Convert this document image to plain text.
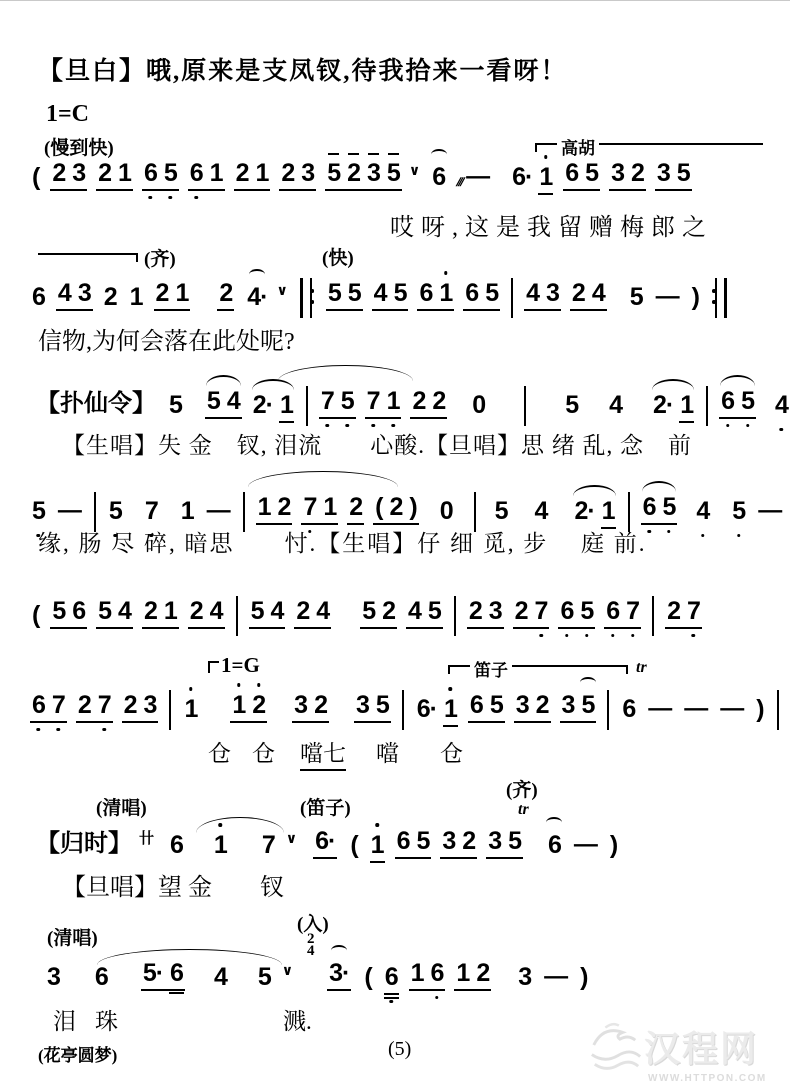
【旦白】哦,原来是支凤钗,待我拾来一看呀！
1=C
(慢到快)	高胡
( 2 3 2 1 6 5 6 1 2 1 2 3 5 2 3 5 ∨ 6 /// — 6· 1 6 5 3 2 3 5
哎呀,这是我留赠梅郎之
(齐)	(快)
6 4 3 2 1 2 1 2 4· ∨ 5 5 4 5 6 1 6 5 4 3 2 4 5 — )
信物,为何会落在此处呢?
【扑仙令】 5 5 4 2· 1 7 5 7 1 2 2 0	5 4 2· 1 6 5 4
【生唱】失 金　钗, 泪流　　心酸.【旦唱】思 绪 乱, 念　前
5 — 5 7 1 — 1 2 7 1 2 ( 2 ) 0 5 4 2· 1 6 5 4 5 —
缘, 肠 尽 碎, 暗思　　忖.【生唱】仔 细 觅, 步　 庭 前.
( 5 6 5 4 2 1 2 4 5 4 2 4 5 2 4 5 2 3 2 7 6 5 6 7 2 7
1=G	笛子	tr
6 7 2 7 2 3 1 1 2 3 2 3 5 6· 1 6 5 3 2 3 5 6 — — — )
仓 仓 噹七 噹 仓
(清唱)	(笛子)
(齐)
tr
【归时】 卄 6 1 7 ∨ 6· ( 1 6 5 3 2 3 5 6 — )
【旦唱】望 金　　钗
(清唱)
(入)
2
4
3 6 5· 6 4 5 ∨ 3· ( 6 1 6 1 2 3 — )
泪 珠	溅.
(花亭圆梦)	(5)	汉程网
WWW.HTTPON.COM
